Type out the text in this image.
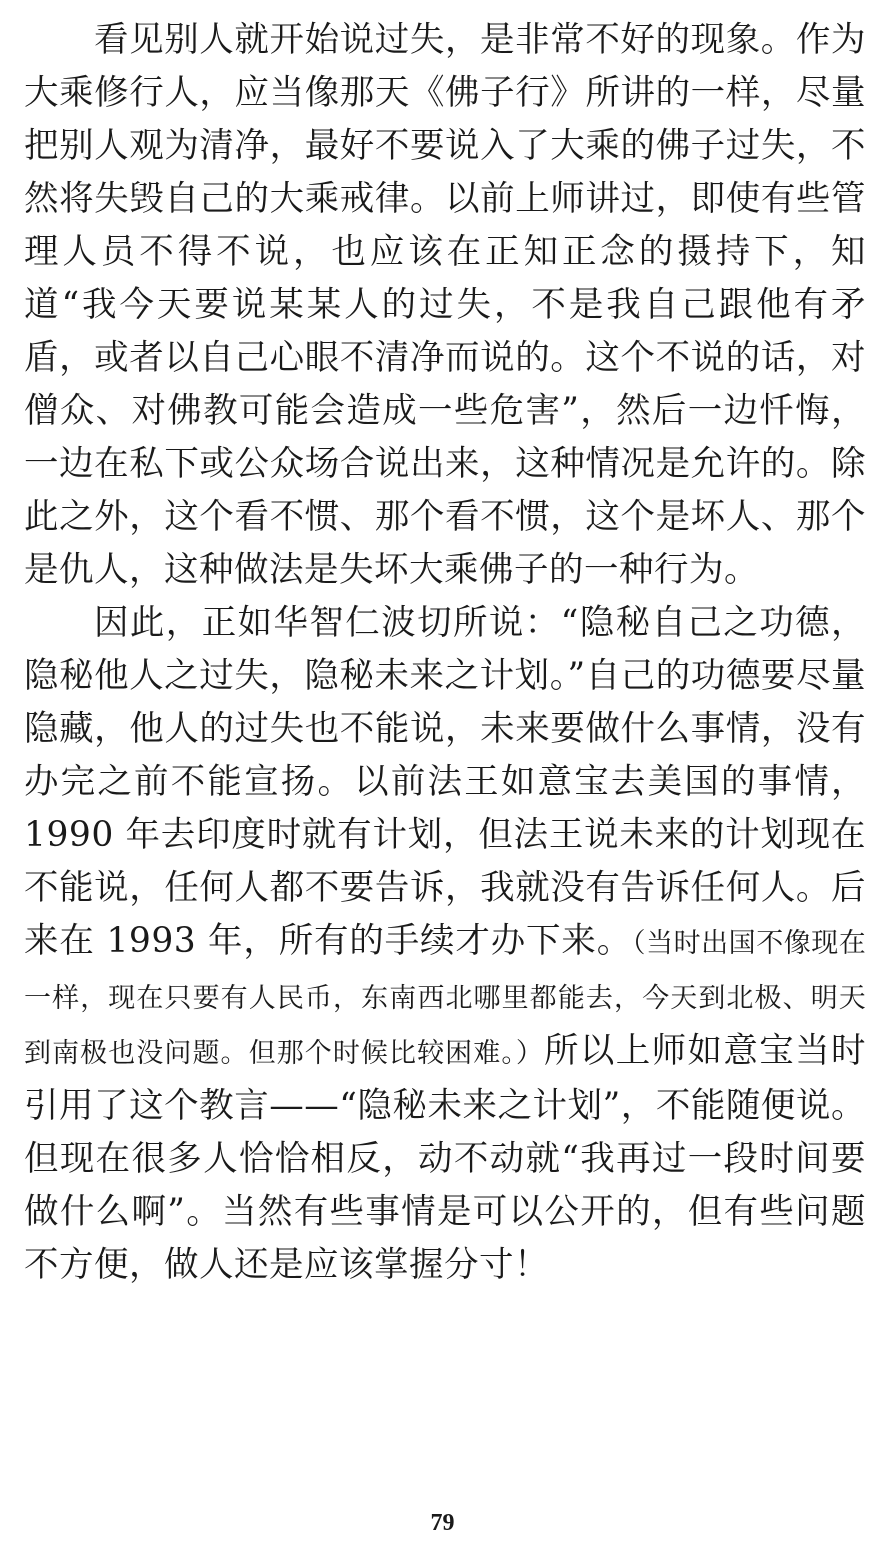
看见别人就开始说过失，是非常不好的现象。作为大乘修行人，应当像那天《佛子行》所讲的一样，尽量把别人观为清净，最好不要说入了大乘的佛子过失，不然将失毁自己的大乘戒律。以前上师讲过，即使有些管理人员不得不说，也应该在正知正念的摄持下，知道“我今天要说某某人的过失，不是我自己跟他有矛盾，或者以自己心眼不清净而说的。这个不说的话，对僧众、对佛教可能会造成一些危害”，然后一边忏悔，一边在私下或公众场合说出来，这种情况是允许的。除此之外，这个看不惯、那个看不惯，这个是坏人、那个是仇人，这种做法是失坏大乘佛子的一种行为。

因此，正如华智仁波切所说：“隐秘自己之功德，隐秘他人之过失，隐秘未来之计划。”自己的功德要尽量隐藏，他人的过失也不能说，未来要做什么事情，没有办完之前不能宣扬。以前法王如意宝去美国的事情，1990 年去印度时就有计划，但法王说未来的计划现在不能说，任何人都不要告诉，我就没有告诉任何人。后来在 1993 年，所有的手续才办下来。（当时出国不像现在一样，现在只要有人民币，东南西北哪里都能去，今天到北极、明天到南极也没问题。但那个时候比较困难。）所以上师如意宝当时引用了这个教言——“隐秘未来之计划”，不能随便说。但现在很多人恰恰相反，动不动就“我再过一段时间要做什么啊”。当然有些事情是可以公开的，但有些问题不方便，做人还是应该掌握分寸！

79
